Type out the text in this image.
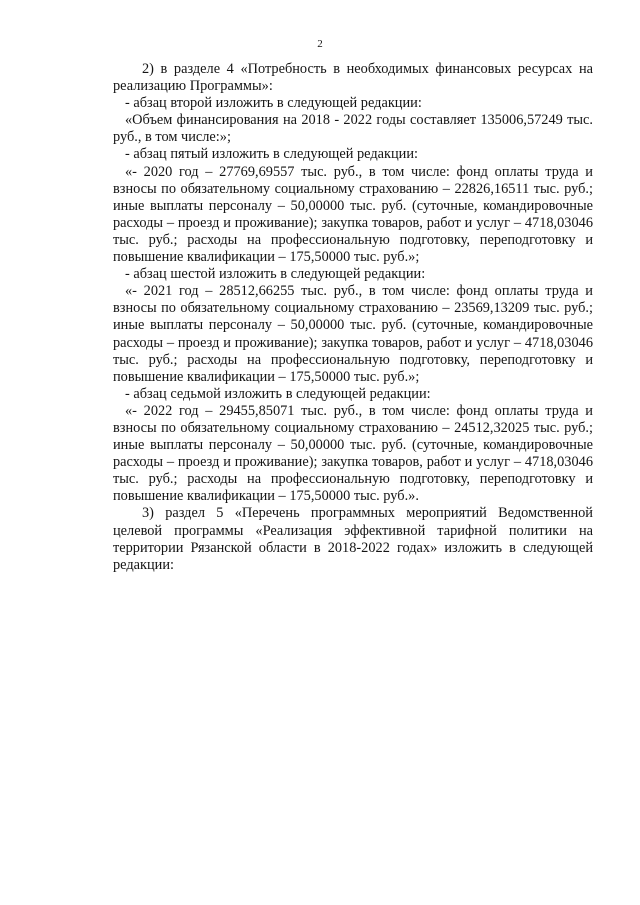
2

2) в разделе 4 «Потребность в необходимых финансовых ресурсах на реализацию Программы»:

- абзац второй изложить в следующей редакции:

«Объем финансирования на 2018 - 2022 годы составляет 135006,57249 тыс. руб., в том числе:»;

- абзац пятый изложить в следующей редакции:

«- 2020 год – 27769,69557 тыс. руб., в том числе: фонд оплаты труда и взносы по обязательному социальному страхованию – 22826,16511 тыс. руб.; иные выплаты персоналу – 50,00000 тыс. руб. (суточные, командировочные расходы – проезд и проживание); закупка товаров, работ и услуг – 4718,03046 тыс. руб.; расходы на профессиональную подготовку, переподготовку и повышение квалификации – 175,50000 тыс. руб.»;

- абзац шестой изложить в следующей редакции:

«- 2021 год – 28512,66255 тыс. руб., в том числе: фонд оплаты труда и взносы по обязательному социальному страхованию – 23569,13209 тыс. руб.; иные выплаты персоналу – 50,00000 тыс. руб. (суточные, командировочные расходы – проезд и проживание); закупка товаров, работ и услуг – 4718,03046 тыс. руб.; расходы на профессиональную подготовку, переподготовку и повышение квалификации – 175,50000 тыс. руб.»;

- абзац седьмой изложить в следующей редакции:

«- 2022 год – 29455,85071 тыс. руб., в том числе: фонд оплаты труда и взносы по обязательному социальному страхованию – 24512,32025 тыс. руб.; иные выплаты персоналу – 50,00000 тыс. руб. (суточные, командировочные расходы – проезд и проживание); закупка товаров, работ и услуг – 4718,03046 тыс. руб.; расходы на профессиональную подготовку, переподготовку и повышение квалификации – 175,50000 тыс. руб.».

3) раздел 5 «Перечень программных мероприятий Ведомственной целевой программы «Реализация эффективной тарифной политики на территории Рязанской области в 2018-2022 годах» изложить в следующей редакции:
